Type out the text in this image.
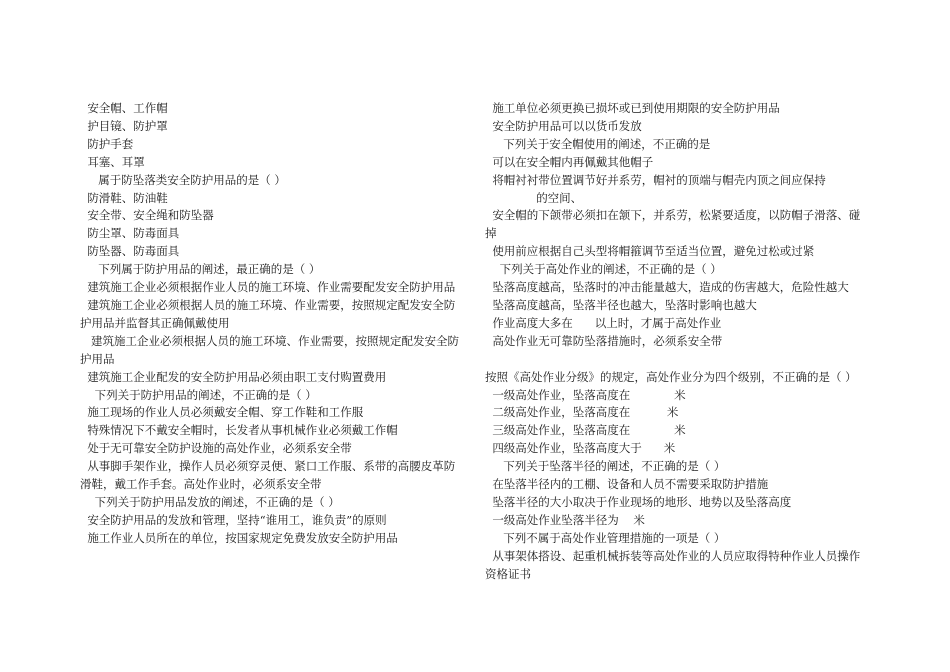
安全帽、工作帽
护目镜、防护罩
防护手套
耳塞、耳罩
属于防坠落类安全防护用品的是（ ）
防滑鞋、防油鞋
安全带、安全绳和防坠器
防尘罩、防毒面具
防坠器、防毒面具
下列属于防护用品的阐述，最正确的是（ ）
建筑施工企业必须根据作业人员的施工环境、作业需要配发安全防护用品
建筑施工企业必须根据人员的施工环境、作业需要，按照规定配发安全防护用品并监督其正确佩戴使用
建筑施工企业必须根据人员的施工环境、作业需要，按照规定配发安全防护用品
建筑施工企业配发的安全防护用品必须由职工支付购置费用
下列关于防护用品的阐述，不正确的是（ ）
施工现场的作业人员必须戴安全帽、穿工作鞋和工作服
特殊情况下不戴安全帽时，长发者从事机械作业必须戴工作帽
处于无可靠安全防护设施的高处作业，必须系安全带
从事脚手架作业，操作人员必须穿灵便、紧口工作服、系带的高腰皮革防滑鞋，戴工作手套。高处作业时，必须系安全带
下列关于防护用品发放的阐述，不正确的是（ ）
安全防护用品的发放和管理，坚持“谁用工，谁负责”的原则
施工作业人员所在的单位，按国家规定免费发放安全防护用品
施工单位必须更换已损坏或已到使用期限的安全防护用品
安全防护用品可以以货币发放
下列关于安全帽使用的阐述，不正确的是
可以在安全帽内再佩戴其他帽子
将帽衬衬带位置调节好并系劳，帽衬的顶端与帽壳内顶之间应保持
的空间、
安全帽的下颌带必须扣在颔下，并系劳，松紧要适度，以防帽子滑落、碰掉
使用前应根据自己头型将帽箍调节至适当位置，避免过松或过紧
下列关于高处作业的阐述，不正确的是（ ）
坠落高度越高，坠落时的冲击能量越大，造成的伤害越大，危险性越大
坠落高度越高，坠落半径也越大，坠落时影响也越大
作业高度大多在      以上时，才属于高处作业
高处作业无可靠防坠落措施时，必须系安全带
按照《高处作业分级》的规定，高处作业分为四个级别，不正确的是（ ）
一级高处作业，坠落高度在            米
二级高处作业，坠落高度在          米
三级高处作业，坠落高度在            米
四级高处作业，坠落高度大于      米
下列关于坠落半径的阐述，不正确的是（ ）
在坠落半径内的工棚、设备和人员不需要采取防护措施
坠落半径的大小取决于作业现场的地形、地势以及坠落高度
一级高处作业坠落半径为    米
下列不属于高处作业管理措施的一项是（ ）
从事架体搭设、起重机械拆装等高处作业的人员应取得特种作业人员操作资格证书
